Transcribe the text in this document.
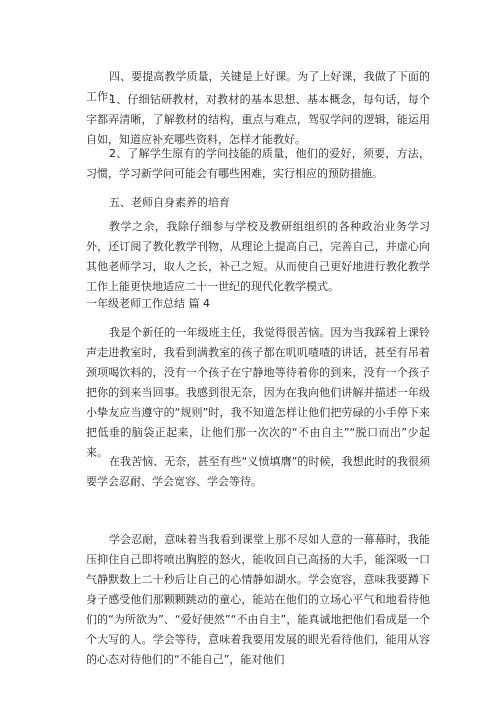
四、要提高教学质量，关键是上好课。为了上好课，我做了下面的工作：

1、仔细钻研教材，对教材的基本思想、基本概念，每句话，每个字都弄清晰，了解教材的结构，重点与难点，驾驭学问的逻辑，能运用自如，知道应补充哪些资料，怎样才能教好。

2、了解学生原有的学问技能的质量，他们的爱好，须要，方法，习惯，学习新学问可能会有哪些困难，实行相应的预防措施。

五、老师自身素养的培育

教学之余，我除仔细参与学校及教研组组织的各种政治业务学习外，还订阅了教化教学刊物，从理论上提高自己，完善自己，并虚心向其他老师学习，取人之长，补己之短。从而使自己更好地进行教化教学工作上能更快地适应二十一世纪的现代化教学模式。

一年级老师工作总结 篇 4

我是个新任的一年级班主任，我觉得很苦恼。因为当我踩着上课铃声走进教室时，我看到满教室的孩子都在叽叽喳喳的讲话，甚至有吊着颈项喝饮料的，没有一个孩子在宁静地等待着你的到来，没有一个孩子把你的到来当回事。我感到很无奈，因为在我向他们讲解并描述一年级小挚友应当遵守的“规则”时，我不知道怎样让他们把劳碌的小手停下来把低垂的脑袋正起来，让他们那一次次的“不由自主”“脱口而出”少起来。

在我苦恼、无奈，甚至有些“义愤填膺”的时候，我想此时的我很须要学会忍耐、学会宽容、学会等待。

学会忍耐，意味着当我看到课堂上那不尽如人意的一幕幕时，我能压抑住自己即将喷出胸腔的怒火，能收回自己高扬的大手，能深吸一口气静默数上二十秒后让自己的心情静如湖水。学会宽容，意味我要蹲下身子感受他们那颗颗跳动的童心，能站在他们的立场心平气和地看待他们的“为所欲为”、“爱好使然”“不由自主”，能真诚地把他们看成是一个个大写的人。学会等待，意味着我要用发展的眼光看待他们，能用从容的心态对待他们的“不能自己”，能对他们
